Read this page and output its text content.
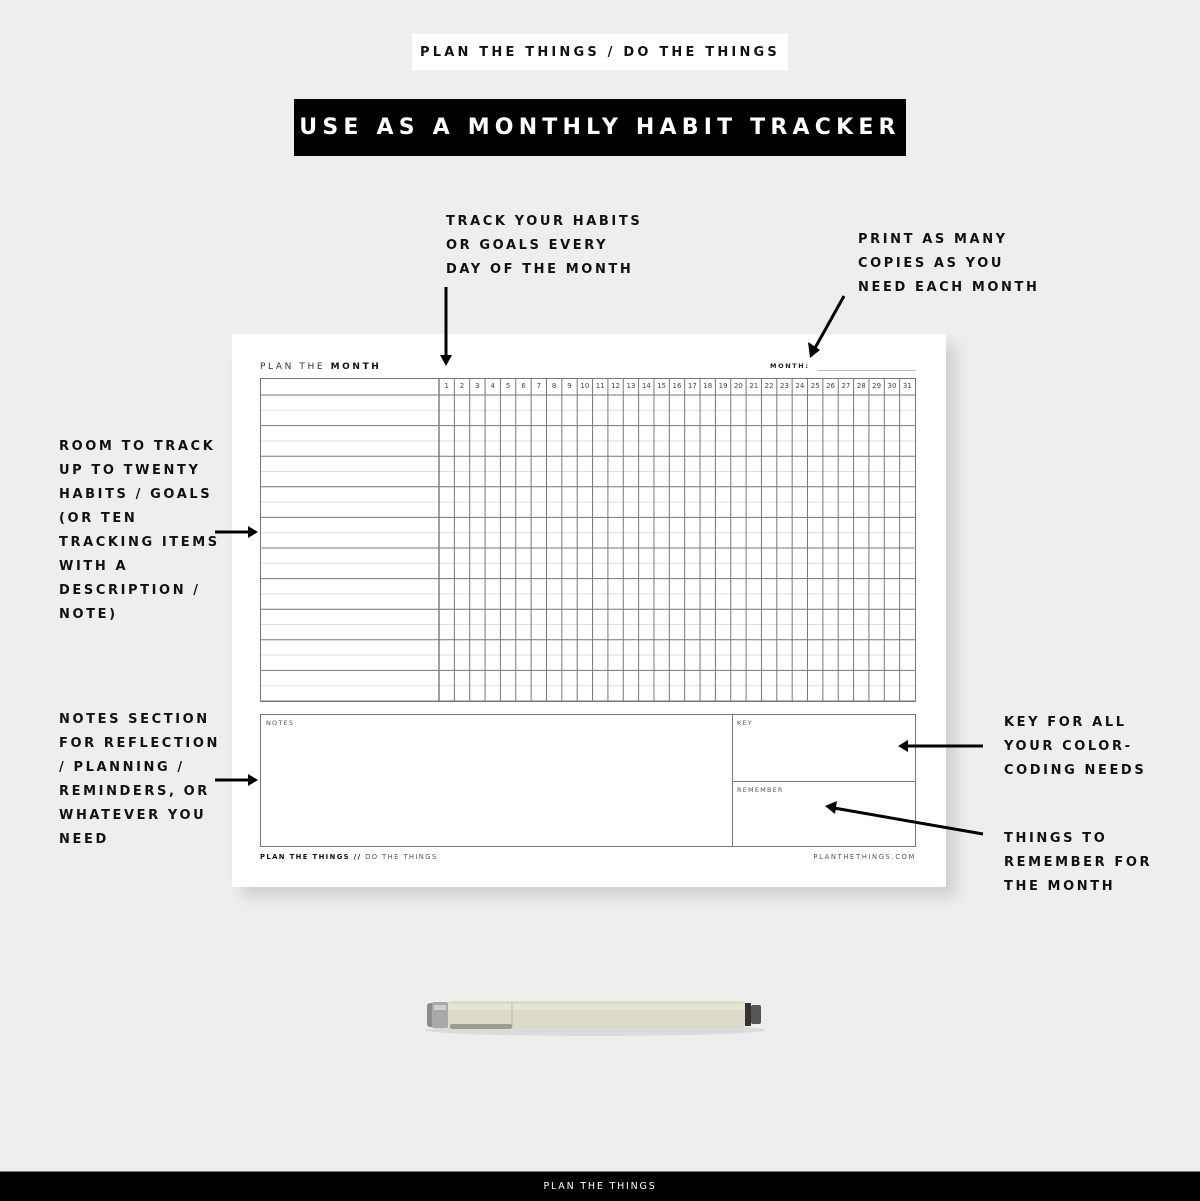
PLAN THE THINGS / DO THE THINGS
USE AS A MONTHLY HABIT TRACKER
TRACK YOUR HABITS
OR GOALS EVERY
DAY OF THE MONTH
PRINT AS MANY
COPIES AS YOU
NEED EACH MONTH
ROOM TO TRACK
UP TO TWENTY
HABITS / GOALS
(OR TEN
TRACKING ITEMS
WITH A
DESCRIPTION /
NOTE)
NOTES SECTION
FOR REFLECTION
/ PLANNING /
REMINDERS, OR
WHATEVER YOU
NEED
KEY FOR ALL
YOUR COLOR-
CODING NEEDS
THINGS TO
REMEMBER FOR
THE MONTH
PLAN THE MONTH	MONTH:
1	2	3	4	5	6	7	8	9	10 11 12 13 14 15 16 17 18 19 20 21 22 23 24 25 26 27 28 29 30 31
NOTES	KEY
REMEMBER
PLAN THE THINGS // DO THE THINGS	PLANTHETHINGS.COM
PLAN THE THINGS
